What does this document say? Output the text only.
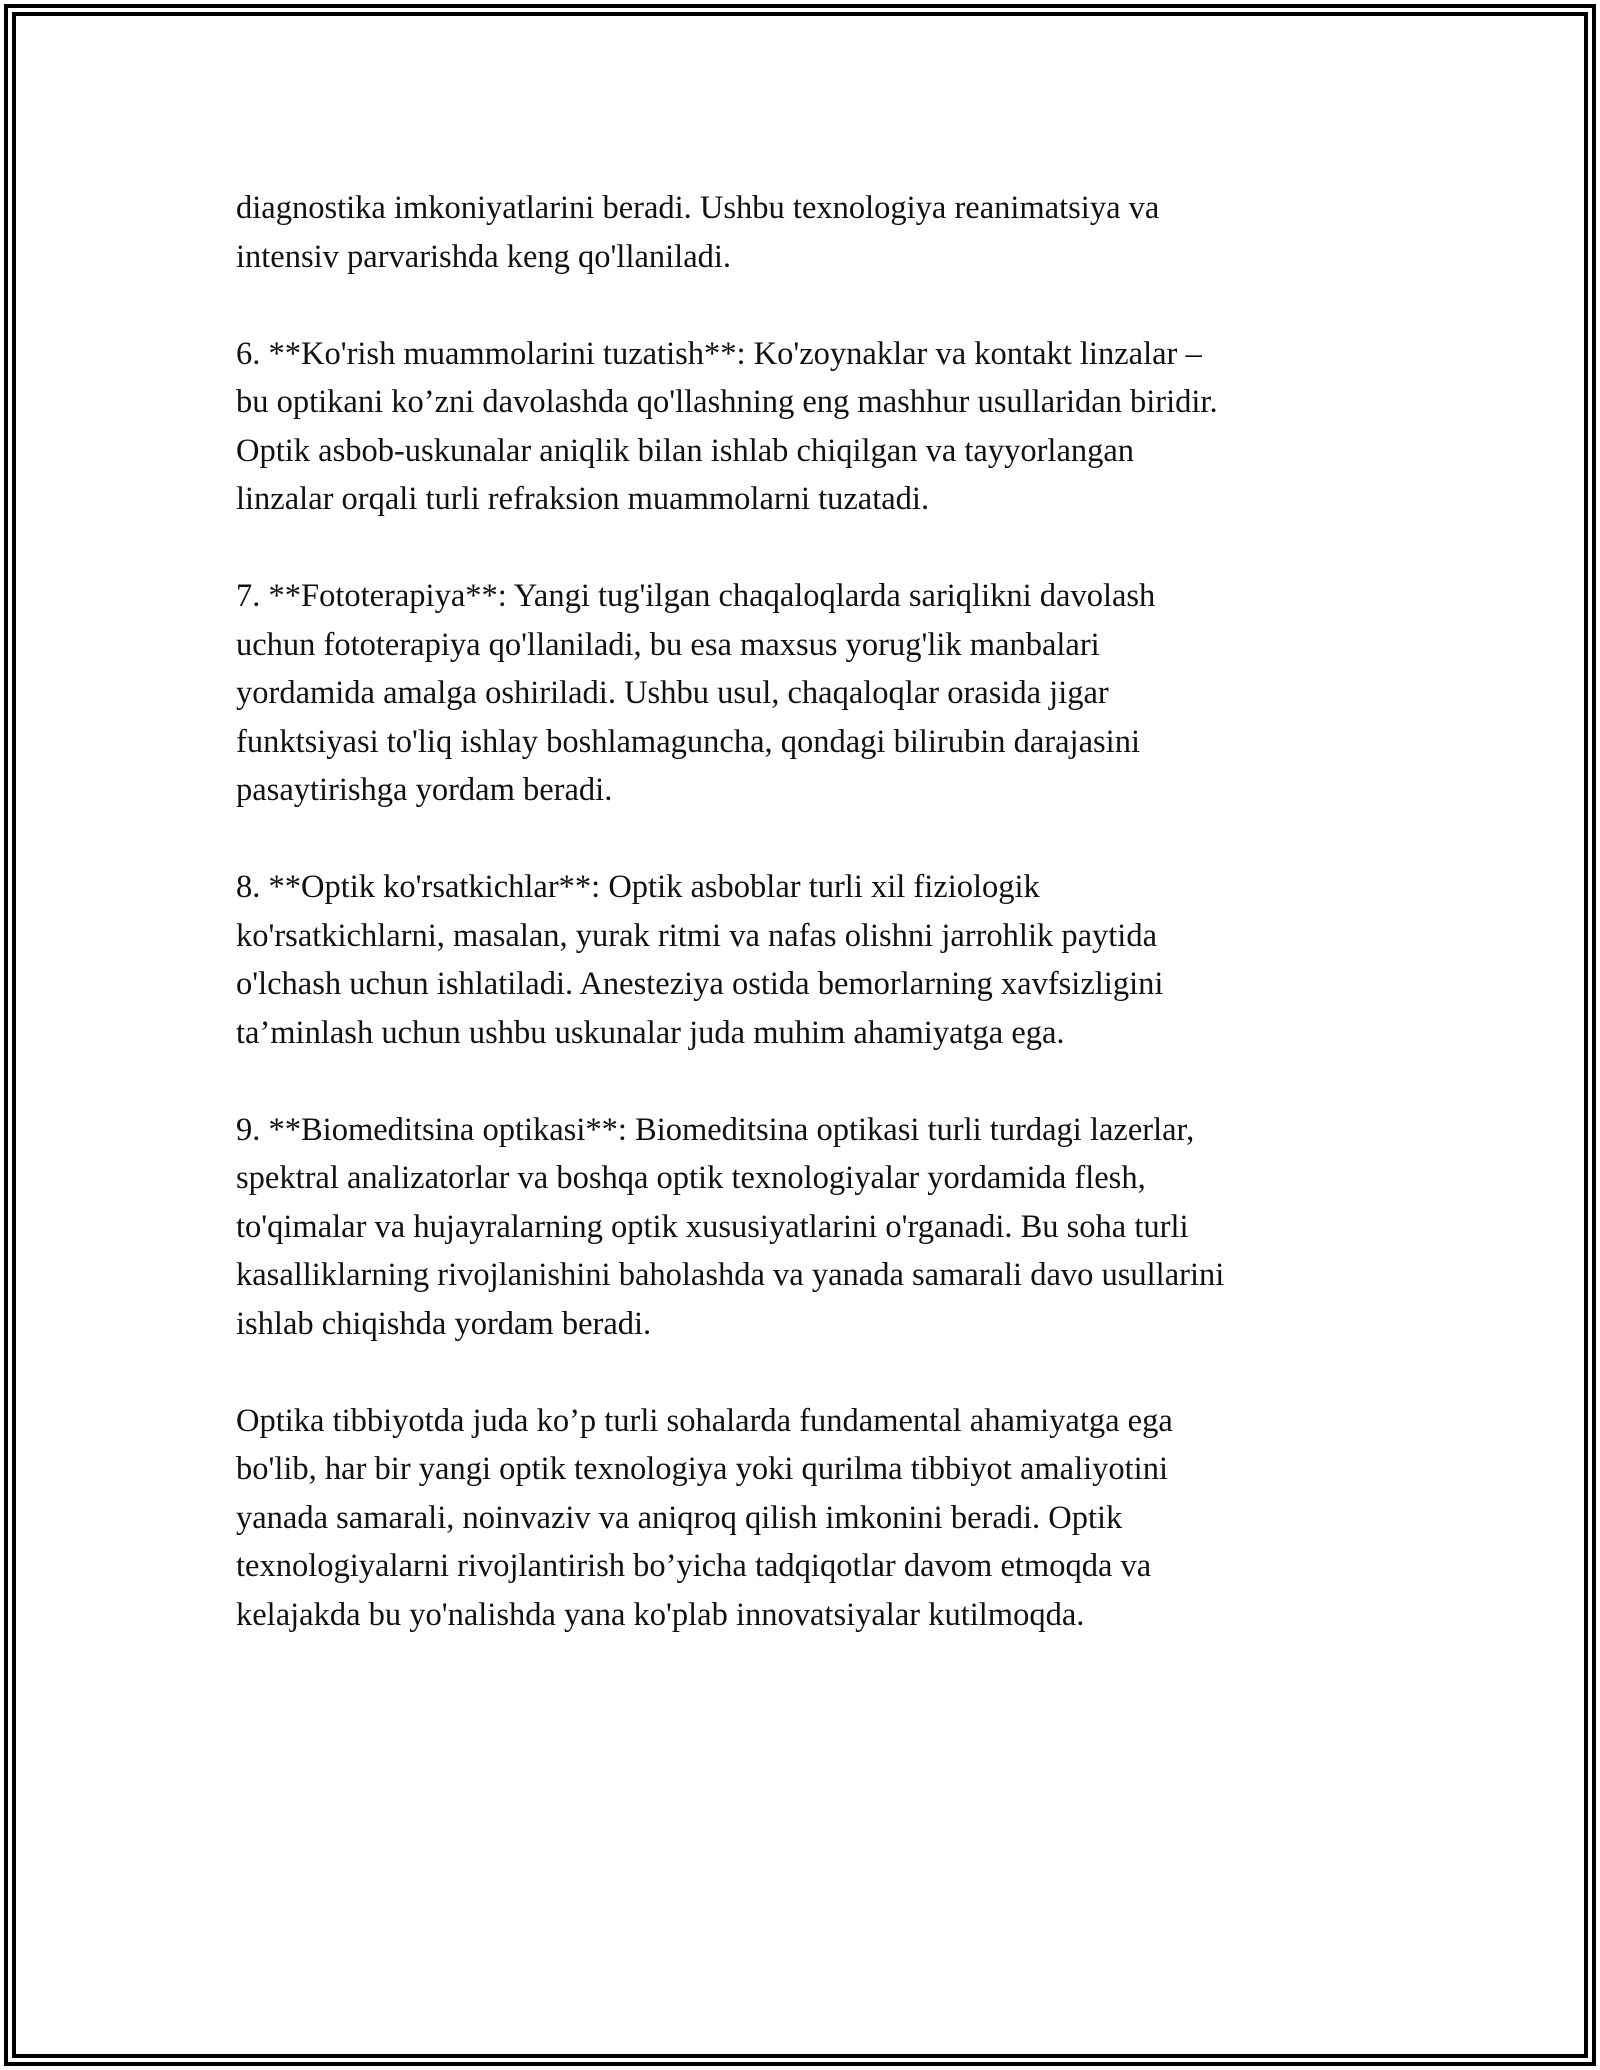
diagnostika imkoniyatlarini beradi. Ushbu texnologiya reanimatsiya va
intensiv parvarishda keng qo'llaniladi.

6. **Ko'rish muammolarini tuzatish**: Ko'zoynaklar va kontakt linzalar –
bu optikani ko’zni davolashda qo'llashning eng mashhur usullaridan biridir.
Optik asbob-uskunalar aniqlik bilan ishlab chiqilgan va tayyorlangan
linzalar orqali turli refraksion muammolarni tuzatadi.

7. **Fototerapiya**: Yangi tug'ilgan chaqaloqlarda sariqlikni davolash
uchun fototerapiya qo'llaniladi, bu esa maxsus yorug'lik manbalari
yordamida amalga oshiriladi. Ushbu usul, chaqaloqlar orasida jigar
funktsiyasi to'liq ishlay boshlamaguncha, qondagi bilirubin darajasini
pasaytirishga yordam beradi.

8. **Optik ko'rsatkichlar**: Optik asboblar turli xil fiziologik
ko'rsatkichlarni, masalan, yurak ritmi va nafas olishni jarrohlik paytida
o'lchash uchun ishlatiladi. Anesteziya ostida bemorlarning xavfsizligini
ta’minlash uchun ushbu uskunalar juda muhim ahamiyatga ega.

9. **Biomeditsina optikasi**: Biomeditsina optikasi turli turdagi lazerlar,
spektral analizatorlar va boshqa optik texnologiyalar yordamida flesh,
to'qimalar va hujayralarning optik xususiyatlarini o'rganadi. Bu soha turli
kasalliklarning rivojlanishini baholashda va yanada samarali davo usullarini
ishlab chiqishda yordam beradi.

Optika tibbiyotda juda ko’p turli sohalarda fundamental ahamiyatga ega
bo'lib, har bir yangi optik texnologiya yoki qurilma tibbiyot amaliyotini
yanada samarali, noinvaziv va aniqroq qilish imkonini beradi. Optik
texnologiyalarni rivojlantirish bo’yicha tadqiqotlar davom etmoqda va
kelajakda bu yo'nalishda yana ko'plab innovatsiyalar kutilmoqda.
